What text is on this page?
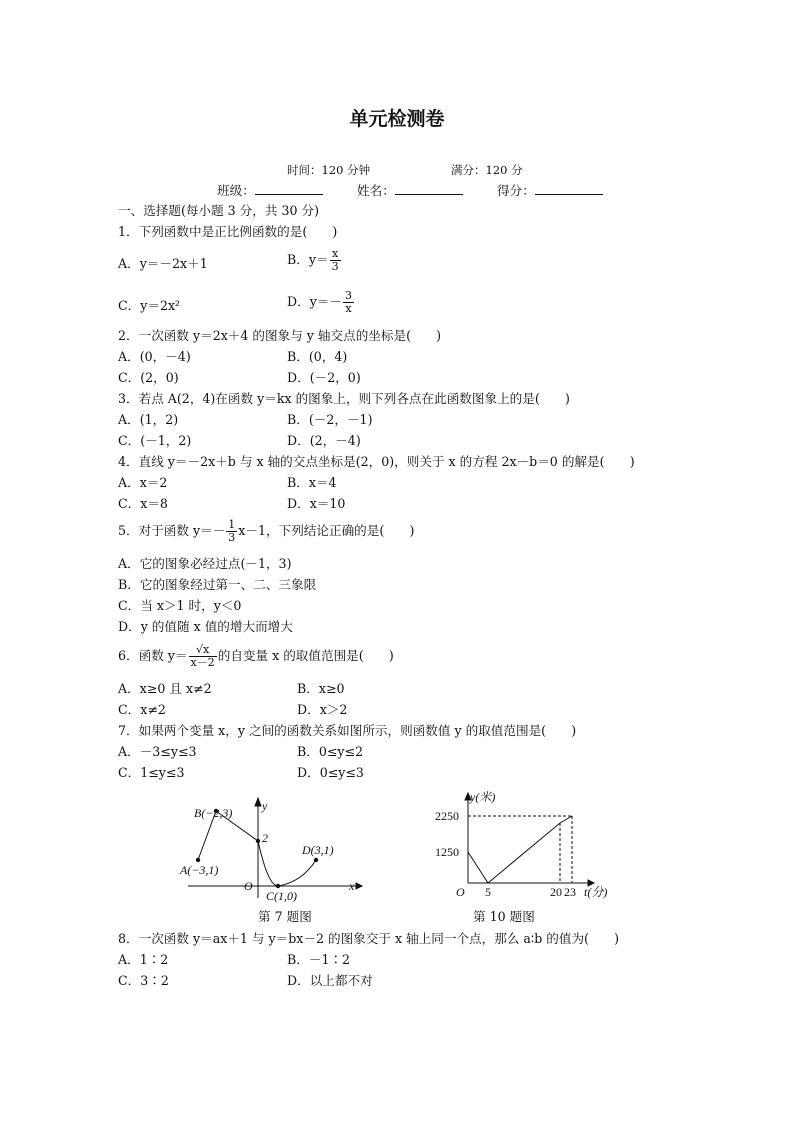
单元检测卷
时间：120 分钟	满分：120 分
班级：	姓名：	得分：
一、选择题(每小题 3 分，共 30 分)
1．下列函数中是正比例函数的是(　　)
A．y＝－2x＋1	B．$y= \frac{x}{3}$
C．y＝2x²	D．$y=- \frac{3}{x}$
2．一次函数 y＝2x＋4 的图象与 y 轴交点的坐标是(　　)
A．(0，－4)	B．(0，4)
C．(2，0)	D．(－2，0)
3．若点 A(2，4)在函数 y＝kx 的图象上，则下列各点在此函数图象上的是(　　)
A．(1，2)	B．(－2，－1)
C．(－1，2)	D．(2，－4)
4．直线 y＝－2x＋b 与 x 轴的交点坐标是(2，0)，则关于 x 的方程 2x－b＝0 的解是(　　)
A．x＝2	B．x＝4
C．x＝8	D．x＝10
5．对于函数 $y=- \frac{1}{3} x-1$，下列结论正确的是(　　)
A．它的图象必经过点(－1，3)
B．它的图象经过第一、二、三象限
C．当 x＞1 时，y＜0
D．y 的值随 x 值的增大而增大
6．函数 $y= \frac{√x}{x-2}$ 的自变量 x 的取值范围是(　　)
A．x≥0 且 x≠2	B．x≥0
C．x≠2	D．x＞2
7．如果两个变量 x，y 之间的函数关系如图所示，则函数值 y 的取值范围是(　　)
A．－3≤y≤3	B．0≤y≤2
C．1≤y≤3	D．0≤y≤3
B(−2,3)
A(−3,1)
D(3,1)
C(1,0)
2
O	x
y
第 7 题图
y(米)
2250
1250
O 5	20 23 t(分)
第 10 题图
8．一次函数 y＝ax＋1 与 y＝bx－2 的图象交于 x 轴上同一个点，那么 a∶b 的值为(　　)
A．1∶2	B．－1∶2
C．3∶2	D．以上都不对
